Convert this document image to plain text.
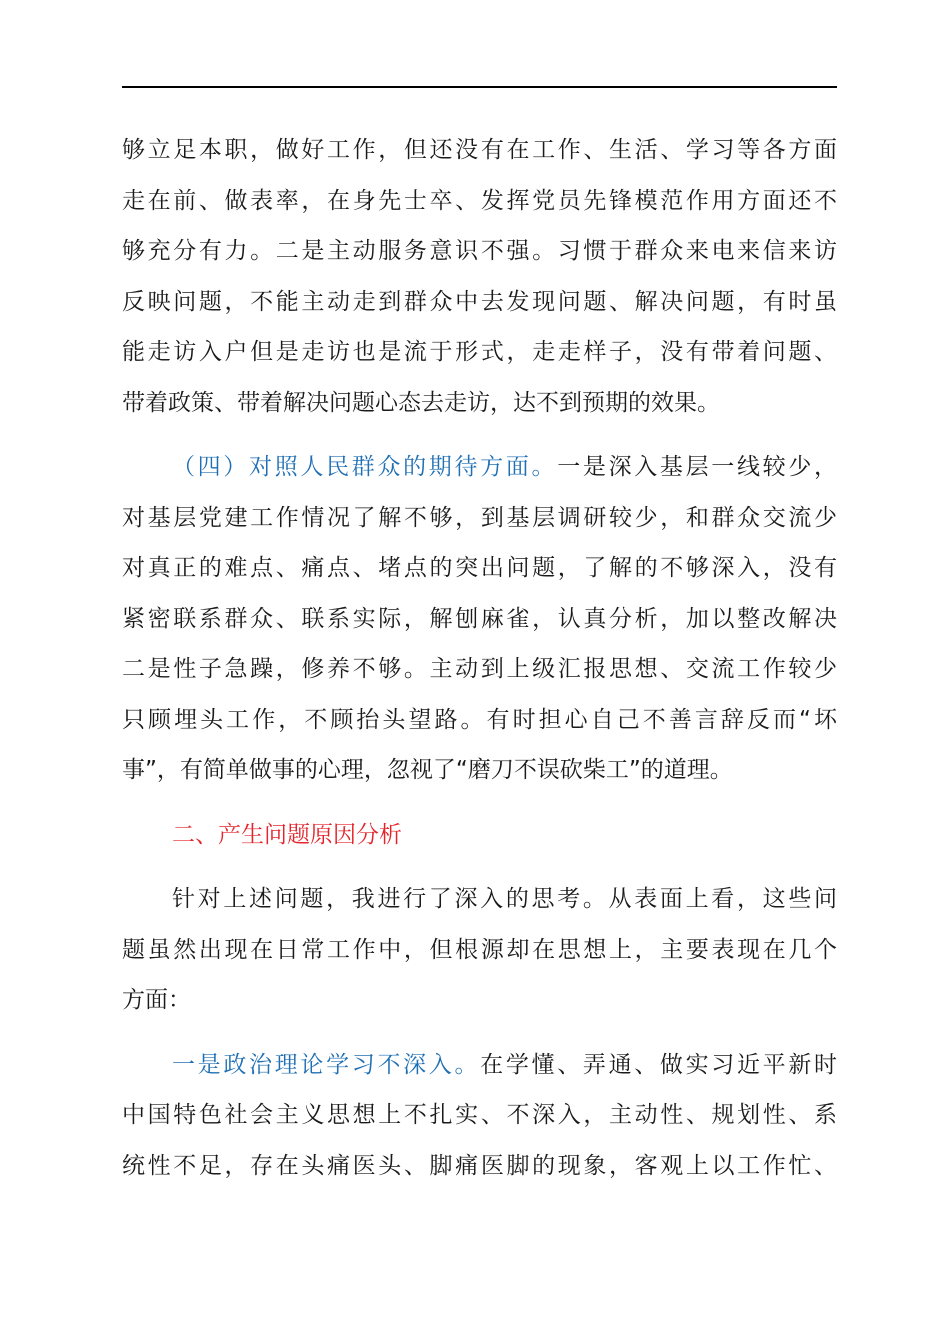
够立足本职，做好工作，但还没有在工作、生活、学习等各方面
走在前、做表率，在身先士卒、发挥党员先锋模范作用方面还不
够充分有力。二是主动服务意识不强。习惯于群众来电来信来访
反映问题，不能主动走到群众中去发现问题、解决问题，有时虽
能走访入户但是走访也是流于形式，走走样子，没有带着问题、
带着政策、带着解决问题心态去走访，达不到预期的效果。
（四）对照人民群众的期待方面。一是深入基层一线较少，
对基层党建工作情况了解不够，到基层调研较少，和群众交流少
对真正的难点、痛点、堵点的突出问题，了解的不够深入，没有
紧密联系群众、联系实际，解刨麻雀，认真分析，加以整改解决
二是性子急躁，修养不够。主动到上级汇报思想、交流工作较少
只顾埋头工作，不顾抬头望路。有时担心自己不善言辞反而“坏
事”，有简单做事的心理，忽视了“磨刀不误砍柴工”的道理。
二、产生问题原因分析
针对上述问题，我进行了深入的思考。从表面上看，这些问
题虽然出现在日常工作中，但根源却在思想上，主要表现在几个
方面：
一是政治理论学习不深入。在学懂、弄通、做实习近平新时
中国特色社会主义思想上不扎实、不深入，主动性、规划性、系
统性不足，存在头痛医头、脚痛医脚的现象，客观上以工作忙、
